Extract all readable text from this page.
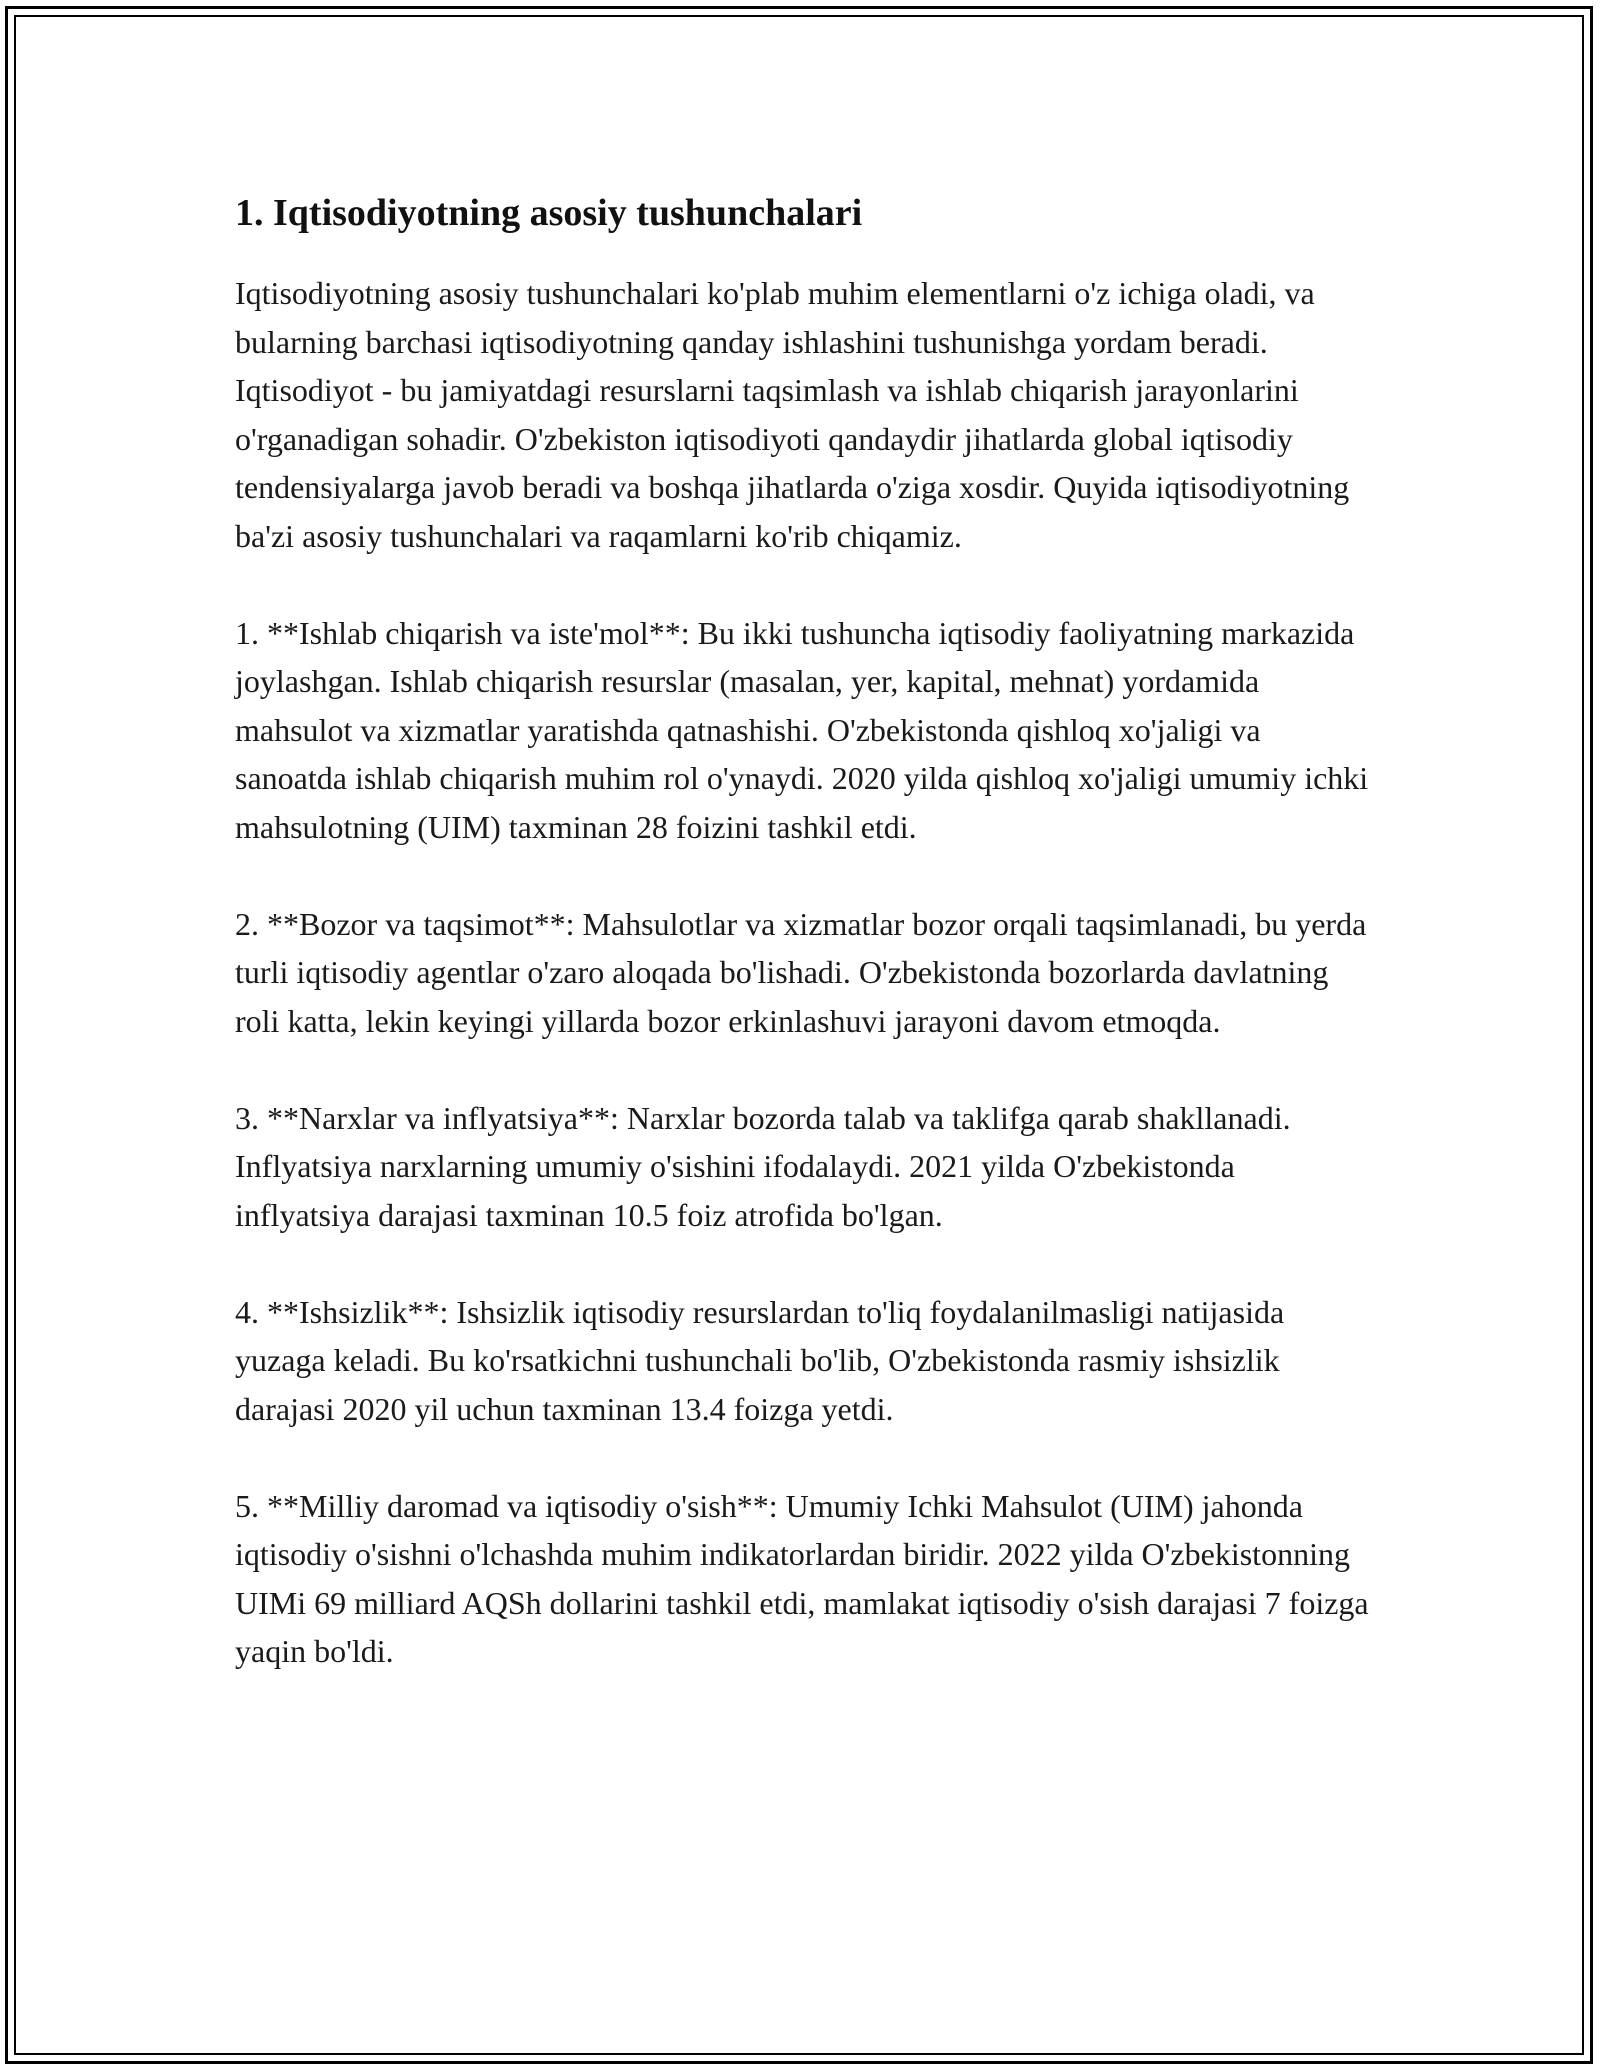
1. Iqtisodiyotning asosiy tushunchalari

Iqtisodiyotning asosiy tushunchalari ko'plab muhim elementlarni o'z ichiga oladi, va bularning barchasi iqtisodiyotning qanday ishlashini tushunishga yordam beradi. Iqtisodiyot - bu jamiyatdagi resurslarni taqsimlash va ishlab chiqarish jarayonlarini o'rganadigan sohadir. O'zbekiston iqtisodiyoti qandaydir jihatlarda global iqtisodiy tendensiyalarga javob beradi va boshqa jihatlarda o'ziga xosdir. Quyida iqtisodiyotning ba'zi asosiy tushunchalari va raqamlarni ko'rib chiqamiz.

1. **Ishlab chiqarish va iste'mol**: Bu ikki tushuncha iqtisodiy faoliyatning markazida joylashgan. Ishlab chiqarish resurslar (masalan, yer, kapital, mehnat) yordamida mahsulot va xizmatlar yaratishda qatnashishi. O'zbekistonda qishloq xo'jaligi va sanoatda ishlab chiqarish muhim rol o'ynaydi. 2020 yilda qishloq xo'jaligi umumiy ichki mahsulotning (UIM) taxminan 28 foizini tashkil etdi.

2. **Bozor va taqsimot**: Mahsulotlar va xizmatlar bozor orqali taqsimlanadi, bu yerda turli iqtisodiy agentlar o'zaro aloqada bo'lishadi. O'zbekistonda bozorlarda davlatning roli katta, lekin keyingi yillarda bozor erkinlashuvi jarayoni davom etmoqda.

3. **Narxlar va inflyatsiya**: Narxlar bozorda talab va taklifga qarab shakllanadi. Inflyatsiya narxlarning umumiy o'sishini ifodalaydi. 2021 yilda O'zbekistonda inflyatsiya darajasi taxminan 10.5 foiz atrofida bo'lgan.

4. **Ishsizlik**: Ishsizlik iqtisodiy resurslardan to'liq foydalanilmasligi natijasida yuzaga keladi. Bu ko'rsatkichni tushunchali bo'lib, O'zbekistonda rasmiy ishsizlik darajasi 2020 yil uchun taxminan 13.4 foizga yetdi.

5. **Milliy daromad va iqtisodiy o'sish**: Umumiy Ichki Mahsulot (UIM) jahonda iqtisodiy o'sishni o'lchashda muhim indikatorlardan biridir. 2022 yilda O'zbekistonning UIMi 69 milliard AQSh dollarini tashkil etdi, mamlakat iqtisodiy o'sish darajasi 7 foizga yaqin bo'ldi.
